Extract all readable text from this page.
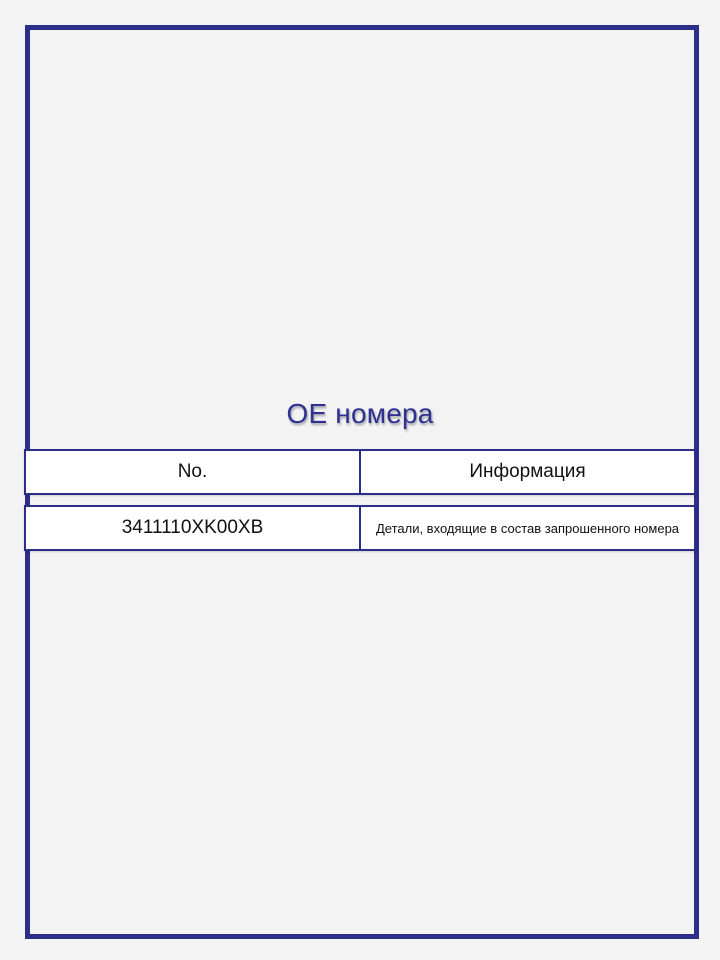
OE номера
No.	Информация
3411110XK00XB	Детали, входящие в состав запрошенного номера
